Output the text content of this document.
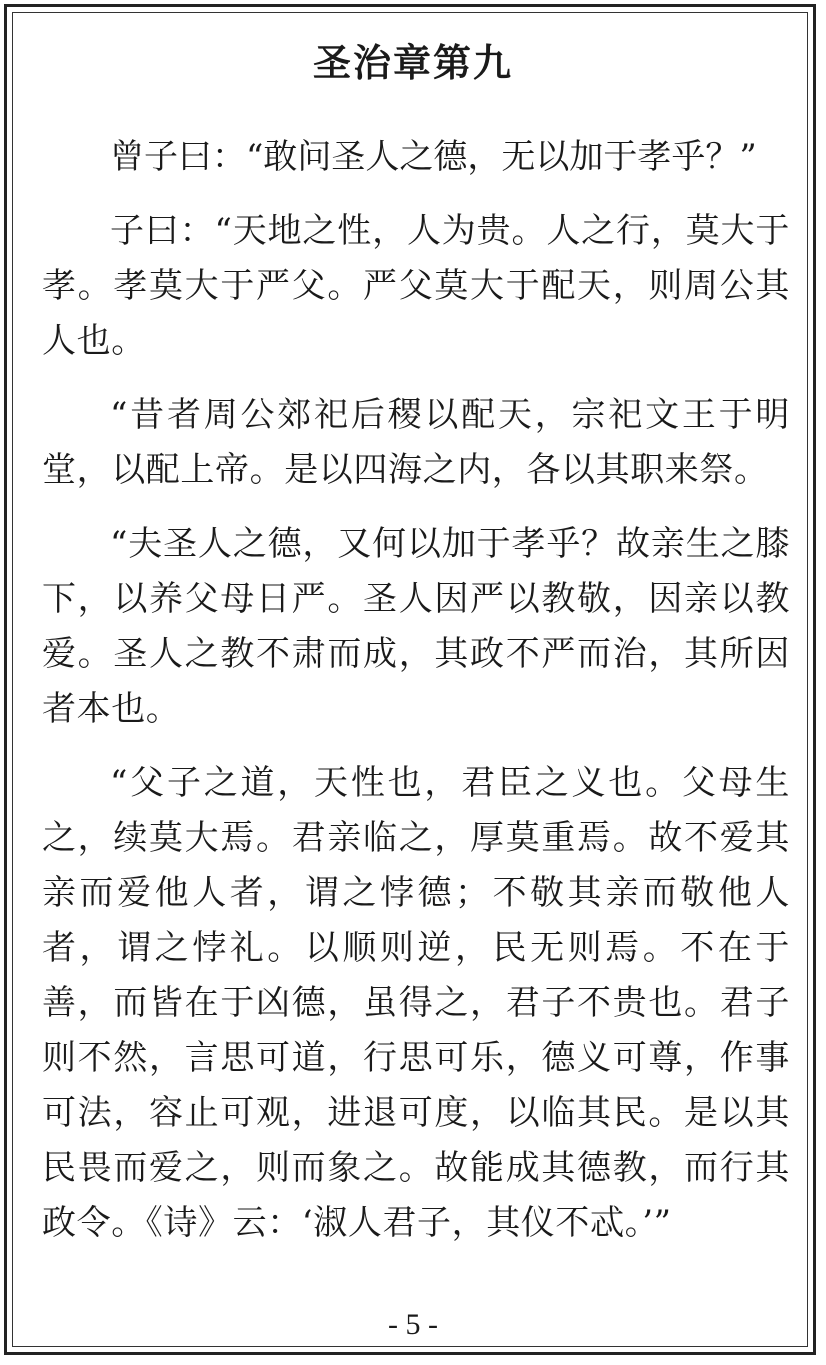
圣治章第九

曾子曰：“敢问圣人之德，无以加于孝乎？”

子曰：“天地之性，人为贵。人之行，莫大于孝。孝莫大于严父。严父莫大于配天，则周公其人也。

“昔者周公郊祀后稷以配天，宗祀文王于明堂，以配上帝。是以四海之内，各以其职来祭。

“夫圣人之德，又何以加于孝乎？故亲生之膝下，以养父母日严。圣人因严以教敬，因亲以教爱。圣人之教不肃而成，其政不严而治，其所因者本也。

“父子之道，天性也，君臣之义也。父母生之，续莫大焉。君亲临之，厚莫重焉。故不爱其亲而爱他人者，谓之悖德；不敬其亲而敬他人者，谓之悖礼。以顺则逆，民无则焉。不在于善，而皆在于凶德，虽得之，君子不贵也。君子则不然，言思可道，行思可乐，德义可尊，作事可法，容止可观，进退可度，以临其民。是以其民畏而爱之，则而象之。故能成其德教，而行其政令。《诗》云：‘淑人君子，其仪不忒。’”

- 5 -
